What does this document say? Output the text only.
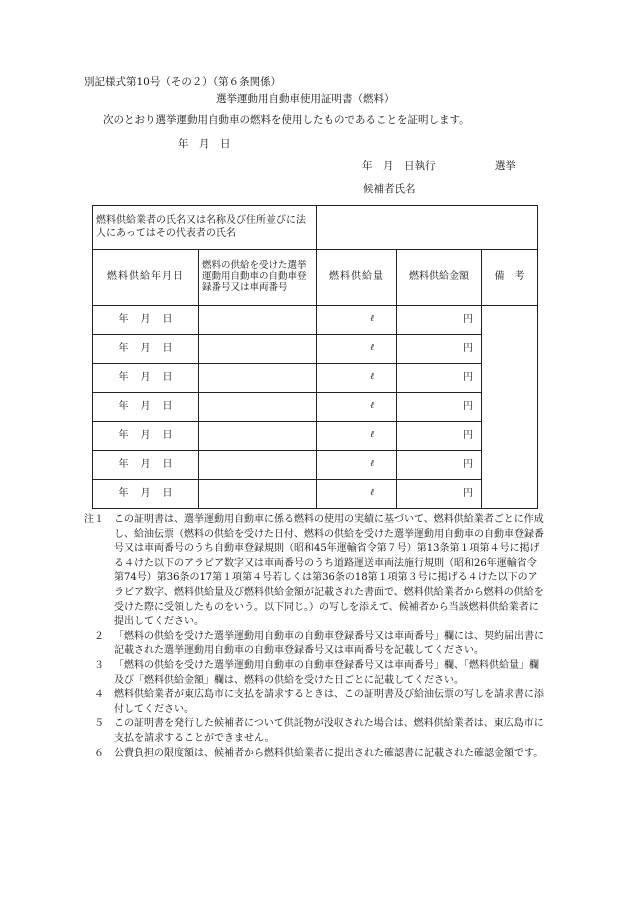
別記様式第10号（その２）（第６条関係）
選挙運動用自動車使用証明書（燃料）
次のとおり選挙運動用自動車の燃料を使用したものであることを証明します。
年　月　日
年　月　日執行	選挙
候補者氏名
燃料供給業者の氏名又は名称及び住所並びに法人にあってはその代表者の氏名				
燃料供給年月日	燃料の供給を受けた選挙運動用自動車の自動車登録番号又は車両番号	燃料供給量	燃料供給金額	備　考
年 月 日		ℓ	円	
年 月 日		ℓ	円	
年 月 日		ℓ	円	
年 月 日		ℓ	円	
年 月 日		ℓ	円	
年 月 日		ℓ	円	
年 月 日		ℓ	円	
注１	この証明書は、選挙運動用自動車に係る燃料の使用の実績に基づいて、燃料供給業者ごとに作成し、給油伝票（燃料の供給を受けた日付、燃料の供給を受けた選挙運動用自動車の自動車登録番号又は車両番号のうち自動車登録規則（昭和45年運輸省令第７号）第13条第１項第４号に掲げる４けた以下のアラビア数字又は車両番号のうち道路運送車両法施行規則（昭和26年運輸省令第74号）第36条の17第１項第４号若しくは第36条の18第１項第３号に掲げる４けた以下のアラビア数字、燃料供給量及び燃料供給金額が記載された書面で、燃料供給業者から燃料の供給を受けた際に受領したものをいう。以下同じ。）の写しを添えて、候補者から当該燃料供給業者に提出してください。
２	「燃料の供給を受けた選挙運動用自動車の自動車登録番号又は車両番号」欄には、契約届出書に記載された選挙運動用自動車の自動車登録番号又は車両番号を記載してください。
３	「燃料の供給を受けた選挙運動用自動車の自動車登録番号又は車両番号」欄、「燃料供給量」欄及び「燃料供給金額」欄は、燃料の供給を受けた日ごとに記載してください。
４	燃料供給業者が東広島市に支払を請求するときは、この証明書及び給油伝票の写しを請求書に添付してください。
５	この証明書を発行した候補者について供託物が没収された場合は、燃料供給業者は、東広島市に支払を請求することができません。
６	公費負担の限度額は、候補者から燃料供給業者に提出された確認書に記載された確認金額です。
